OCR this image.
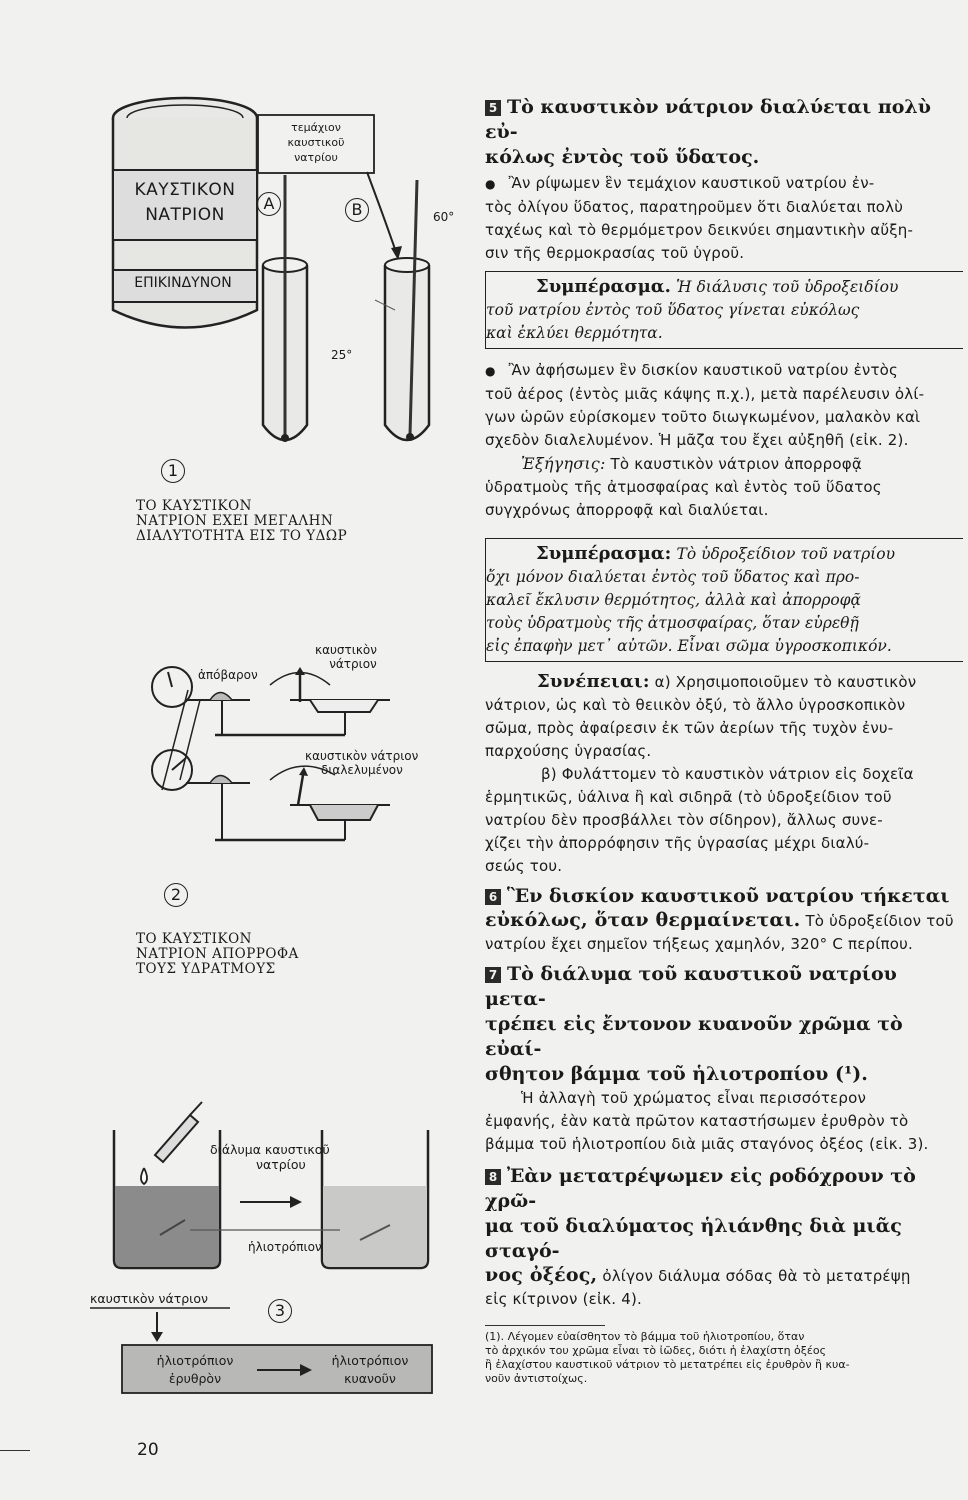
ΚΑΥΣΤΙΚΟΝ
ΝΑΤΡΙΟΝ
ΕΠΙΚΙΝΔΥΝΟΝ
τεμάχιον
καυστικοῦ
νατρίου
A	B	60°
25°
1
ΤΟ ΚΑΥΣΤΙΚΟΝ
ΝΑΤΡΙΟΝ ΕΧΕΙ ΜΕΓΑΛΗΝ
ΔΙΑΛΥΤΟΤΗΤΑ ΕΙΣ ΤΟ ΥΔΩΡ
ἀπόβαρον
καυστικὸν
νάτριον
καυστικὸν νάτριον
διαλελυμένον
2
ΤΟ ΚΑΥΣΤΙΚΟΝ
ΝΑΤΡΙΟΝ ΑΠΟΡΡΟΦΑ
ΤΟΥΣ ΥΔΡΑΤΜΟΥΣ
διάλυμα καυστικοῦ
νατρίου
ἡλιοτρόπιον
καυστικὸν νάτριον
3
ἡλιοτρόπιον
ἐρυθρὸν
ἡλιοτρόπιον
κυανοῦν
20

5 Τὸ καυστικὸν νάτριον διαλύεται πολὺ εὐ-

κόλως ἐντὸς τοῦ ὕδατος.

● Ἂν ρίψωμεν ἓν τεμάχιον καυστικοῦ νατρίου ἐν-

τὸς ὀλίγου ὕδατος, παρατηροῦμεν ὅτι διαλύεται πολὺ

ταχέως καὶ τὸ θερμόμετρον δεικνύει σημαντικὴν αὔξη-

σιν τῆς θερμοκρασίας τοῦ ὑγροῦ.

Συμπέρασμα. Ἡ διάλυσις τοῦ ὑδροξειδίου
τοῦ νατρίου ἐντὸς τοῦ ὕδατος γίνεται εὐκόλως
καὶ ἐκλύει θερμότητα.

● Ἂν ἀφήσωμεν ἓν δισκίον καυστικοῦ νατρίου ἐντὸς

τοῦ ἀέρος (ἐντὸς μιᾶς κάψης π.χ.), μετὰ παρέλευσιν ὀλί-

γων ὡρῶν εὑρίσκομεν τοῦτο διωγκωμένον, μαλακὸν καὶ

σχεδὸν διαλελυμένον. Ἡ μᾶζα του ἔχει αὐξηθῆ (εἰκ. 2).

Ἐξήγησις: Τὸ καυστικὸν νάτριον ἀπορροφᾷ

ὑδρατμοὺς τῆς ἀτμοσφαίρας καὶ ἐντὸς τοῦ ὕδατος

συγχρόνως ἀπορροφᾷ καὶ διαλύεται.

Συμπέρασμα: Τὸ ὑδροξείδιον τοῦ νατρίου
ὄχι μόνον διαλύεται ἐντὸς τοῦ ὕδατος καὶ προ-
καλεῖ ἔκλυσιν θερμότητος, ἀλλὰ καὶ ἀπορροφᾷ
τοὺς ὑδρατμοὺς τῆς ἀτμοσφαίρας, ὅταν εὑρεθῇ
εἰς ἐπαφὴν μετ᾽ αὐτῶν. Εἶναι σῶμα ὑγροσκοπικόν.

Συνέπειαι: α) Χρησιμοποιοῦμεν τὸ καυστικὸν

νάτριον, ὡς καὶ τὸ θειικὸν ὀξύ, τὸ ἄλλο ὑγροσκοπικὸν

σῶμα, πρὸς ἀφαίρεσιν ἐκ τῶν ἀερίων τῆς τυχὸν ἐνυ-

παρχούσης ὑγρασίας.

β) Φυλάττομεν τὸ καυστικὸν νάτριον εἰς δοχεῖα

ἑρμητικῶς, ὑάλινα ἢ καὶ σιδηρᾶ (τὸ ὑδροξείδιον τοῦ

νατρίου δὲν προσβάλλει τὸν σίδηρον), ἄλλως συνε-

χίζει τὴν ἀπορρόφησιν τῆς ὑγρασίας μέχρι διαλύ-

σεώς του.

6 Ἓν δισκίον καυστικοῦ νατρίου τήκεται

εὐκόλως, ὅταν θερμαίνεται. Τὸ ὑδροξείδιον τοῦ

νατρίου ἔχει σημεῖον τήξεως χαμηλόν, 320° C περίπου.

7 Τὸ διάλυμα τοῦ καυστικοῦ νατρίου μετα-

τρέπει εἰς ἔντονον κυανοῦν χρῶμα τὸ εὐαί-

σθητον βάμμα τοῦ ἡλιοτροπίου (¹).

Ἡ ἀλλαγὴ τοῦ χρώματος εἶναι περισσότερον

ἐμφανής, ἐὰν κατὰ πρῶτον καταστήσωμεν ἐρυθρὸν τὸ

βάμμα τοῦ ἡλιοτροπίου διὰ μιᾶς σταγόνος ὀξέος (εἰκ. 3).

8 Ἐὰν μετατρέψωμεν εἰς ροδόχρουν τὸ χρῶ-

μα τοῦ διαλύματος ἡλιάνθης διὰ μιᾶς σταγό-

νος ὀξέος, ὀλίγον διάλυμα σόδας θὰ τὸ μετατρέψῃ

εἰς κίτρινον (εἰκ. 4).

(1). Λέγομεν εὐαίσθητον τὸ βάμμα τοῦ ἡλιοτροπίου, ὅταν

τὸ ἀρχικόν του χρῶμα εἶναι τὸ ἰῶδες, διότι ἡ ἐλαχίστη ὀξέος

ἢ ἐλαχίστου καυστικοῦ νάτριον τὸ μετατρέπει εἰς ἐρυθρὸν ἢ κυα-

νοῦν ἀντιστοίχως.
